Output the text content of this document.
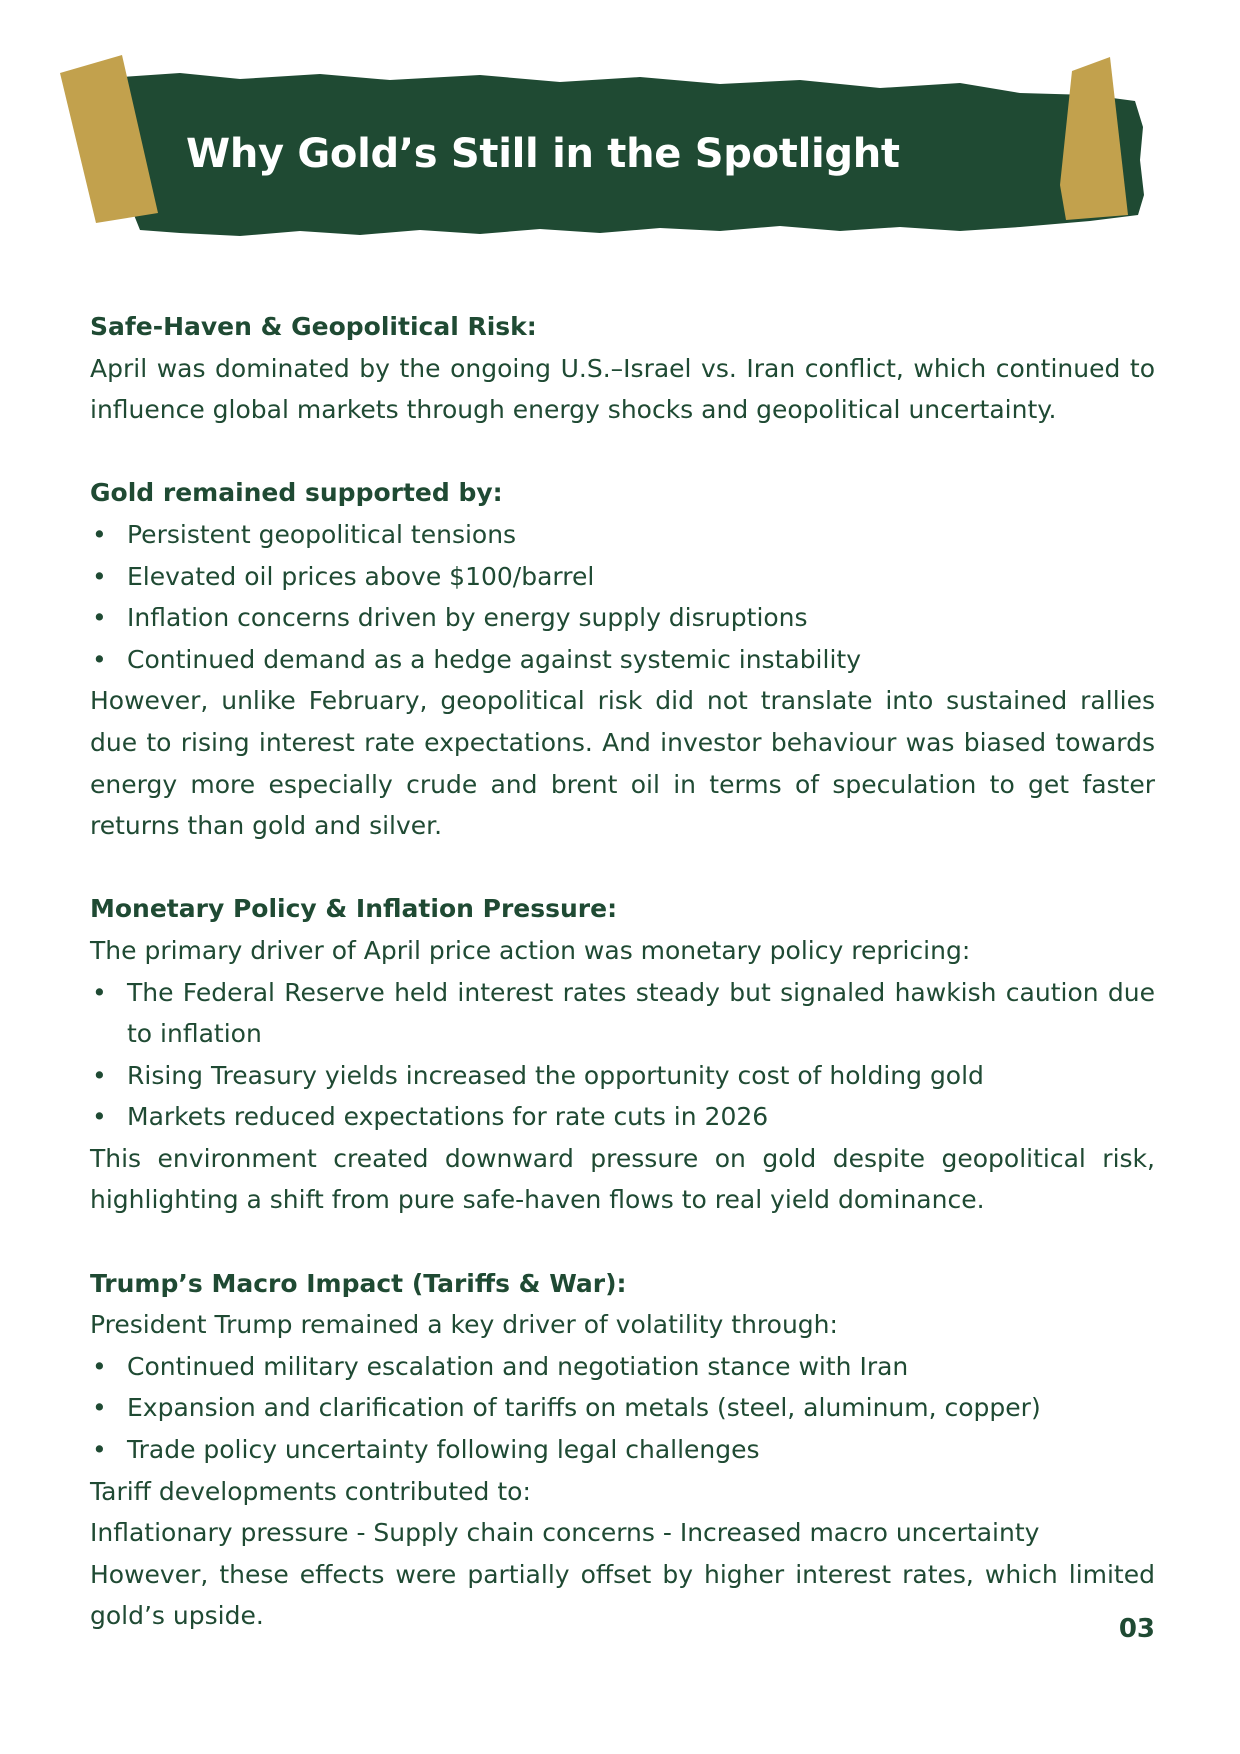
Why Gold’s Still in the Spotlight

Safe-Haven & Geopolitical Risk:

April was dominated by the ongoing U.S.–Israel vs. Iran conflict, which continued to influence global markets through energy shocks and geopolitical uncertainty.

Gold remained supported by:

• Persistent geopolitical tensions
• Elevated oil prices above $100/barrel
• Inflation concerns driven by energy supply disruptions
• Continued demand as a hedge against systemic instability

However, unlike February, geopolitical risk did not translate into sustained rallies due to rising interest rate expectations. And investor behaviour was biased towards energy more especially crude and brent oil in terms of speculation to get faster returns than gold and silver.

Monetary Policy & Inflation Pressure:

The primary driver of April price action was monetary policy repricing:

• The Federal Reserve held interest rates steady but signaled hawkish caution due to inflation
• Rising Treasury yields increased the opportunity cost of holding gold
• Markets reduced expectations for rate cuts in 2026

This environment created downward pressure on gold despite geopolitical risk, highlighting a shift from pure safe-haven flows to real yield dominance.

Trump’s Macro Impact (Tariffs & War):

President Trump remained a key driver of volatility through:

• Continued military escalation and negotiation stance with Iran
• Expansion and clarification of tariffs on metals (steel, aluminum, copper)
• Trade policy uncertainty following legal challenges

Tariff developments contributed to:

Inflationary pressure - Supply chain concerns - Increased macro uncertainty

However, these effects were partially offset by higher interest rates, which limited gold’s upside.	03
